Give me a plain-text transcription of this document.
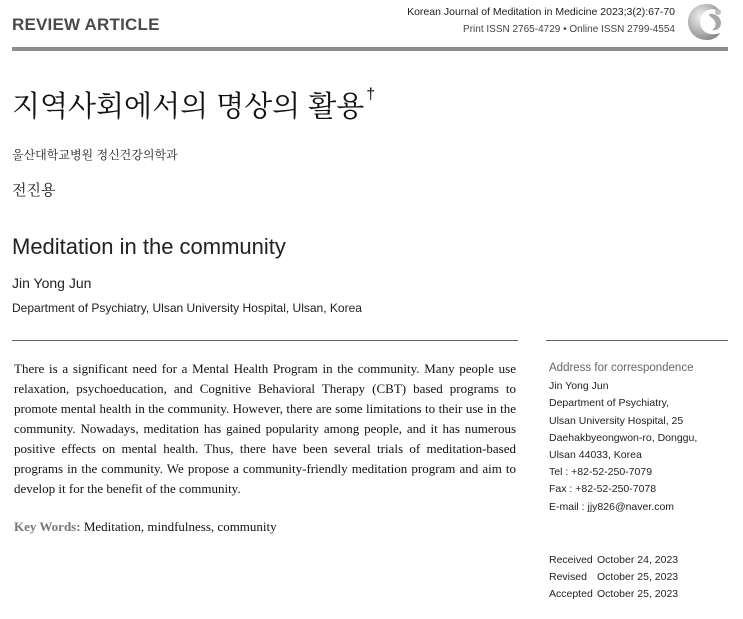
REVIEW ARTICLE
Korean Journal of Meditation in Medicine 2023;3(2):67-70
Print ISSN 2765-4729 • Online ISSN 2799-4554
지역사회에서의 명상의 활용 †
울산대학교병원 정신건강의학과
전진용
Meditation in the community
Jin Yong Jun
Department of Psychiatry, Ulsan University Hospital, Ulsan, Korea
There is a significant need for a Mental Health Program in the community. Many people use relaxation, psychoeducation, and Cognitive Behavioral Therapy (CBT) based programs to promote mental health in the community. However, there are some limitations to their use in the community. Nowadays, meditation has gained popularity among people, and it has numerous positive effects on mental health. Thus, there have been several trials of meditation-based programs in the community. We propose a community-friendly meditation program and aim to develop it for the benefit of the community.
Key Words: Meditation, mindfulness, community
Address for correspondence
Jin Yong Jun
Department of Psychiatry,
Ulsan University Hospital, 25
Daehakbyeongwon-ro, Donggu,
Ulsan 44033, Korea
Tel : +82-52-250-7079
Fax : +82-52-250-7078
E-mail : jjy826@naver.com
Received October 24, 2023
Revised October 25, 2023
Accepted October 25, 2023
